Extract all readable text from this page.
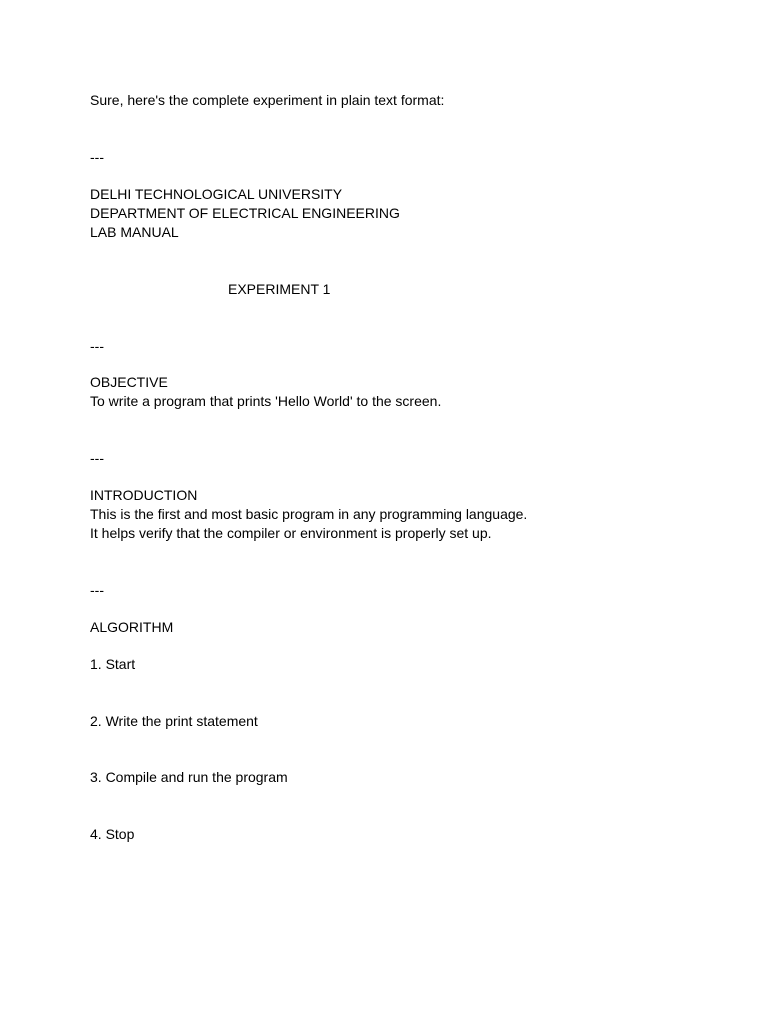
Sure, here's the complete experiment in plain text format:
---
DELHI TECHNOLOGICAL UNIVERSITY
DEPARTMENT OF ELECTRICAL ENGINEERING
LAB MANUAL
EXPERIMENT 1
---
OBJECTIVE
To write a program that prints 'Hello World' to the screen.
---
INTRODUCTION
This is the first and most basic program in any programming language.
It helps verify that the compiler or environment is properly set up.
---
ALGORITHM
1. Start
2. Write the print statement
3. Compile and run the program
4. Stop
